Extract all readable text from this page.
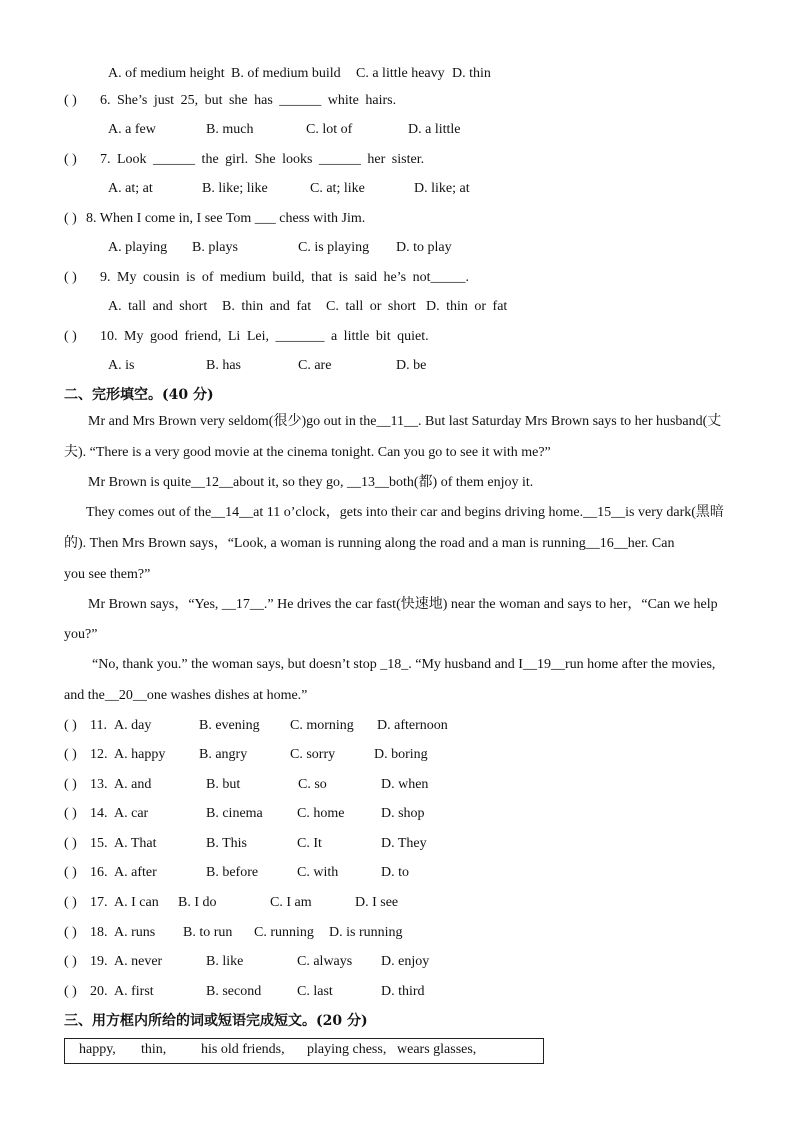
A. of medium height B. of medium build C. a little heavy D. thin
( ) 6. She’s just 25, but she has ______ white hairs.
A. a few	B. much	C. lot of	D. a little
( ) 7. Look ______ the girl. She looks ______ her sister.
A. at; at	B. like; like	C. at; like	D. like; at
( ) 8. When I come in, I see Tom ___ chess with Jim.
A. playing B. plays	C. is playing D. to play
( ) 9. My cousin is of medium build, that is said he’s not_____.
A. tall and short B. thin and fat C. tall or short D. thin or fat
( ) 10. My good friend, Li Lei, _______ a little bit quiet.
A. is	B. has	C. are	D. be
二、完形填空。(40 分)
Mr and Mrs Brown very seldom(很少)go out in the__11__. But last Saturday Mrs Brown says to her husband(丈
夫). “There is a very good movie at the cinema tonight. Can you go to see it with me?”
Mr Brown is quite__12__about it, so they go, __13__both(都) of them enjoy it.
They comes out of the__14__at 11 o’clock，gets into their car and begins driving home.__15__is very dark(黑暗
的). Then Mrs Brown says，“Look, a woman is running along the road and a man is running__16__her. Can
you see them?”
Mr Brown says，“Yes, __17__.” He drives the car fast(快速地) near the woman and says to her，“Can we help
you?”
“No, thank you.” the woman says, but doesn’t stop _18_. “My husband and I__19__run home after the movies,
and the__20__one washes dishes at home.”
( ) 11. A. day	B. evening C. morning D. afternoon
( ) 12. A. happy B. angry	C. sorry	D. boring
( ) 13. A. and	B. but	C. so	D. when
( ) 14. A. car	B. cinema C. home	D. shop
( ) 15. A. That	B. This	C. It	D. They
( ) 16. A. after	B. before	C. with	D. to
( ) 17. A. I can B. I do	C. I am	D. I see
( ) 18. A. runs B. to run C. running D. is running
( ) 19. A. never	B. like	C. always D. enjoy
( ) 20. A. first	B. second	C. last	D. third
三、用方框内所给的词或短语完成短文。(20 分)
happy, thin, his old friends, playing chess, wears glasses,
